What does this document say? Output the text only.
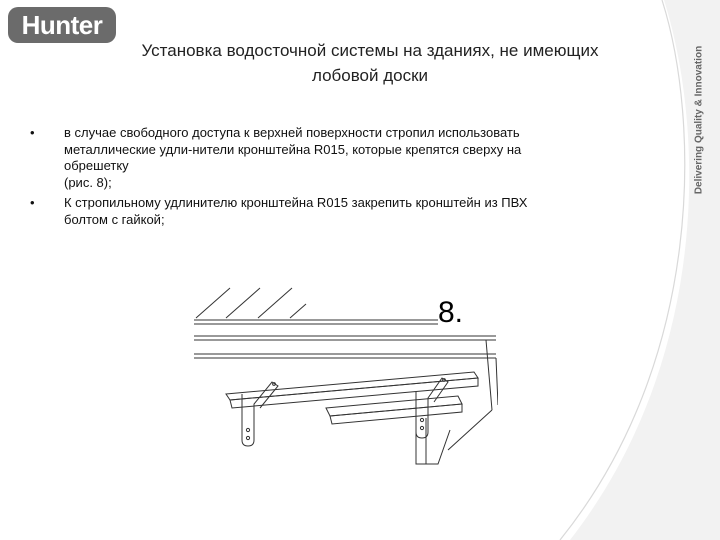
Hunter
Delivering Quality & Innovation
Установка водосточной системы на зданиях, не имеющих
лобовой доски
•	в случае свободного доступа к верхней поверхности стропил использовать
металлические удли-нители кронштейна R015, которые крепятся сверху на
обрешетку
(рис. 8);
•	К стропильному удлинителю кронштейна R015 закрепить кронштейн из ПВХ
болтом с гайкой;
8.
